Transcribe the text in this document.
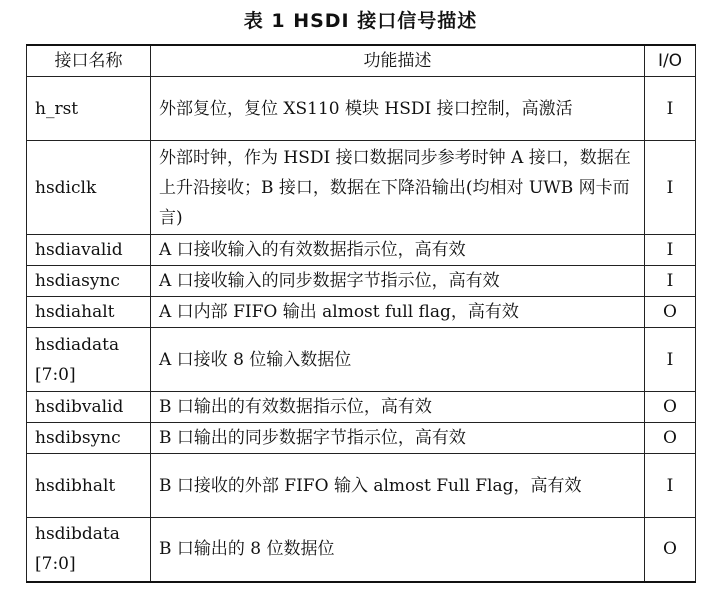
表 1 HSDI 接口信号描述
接口名称	功能描述	I/O
h_rst	外部复位，复位 XS110 模块 HSDI 接口控制，高激活	I
hsdiclk	外部时钟，作为 HSDI 接口数据同步参考时钟 A 接口，数据在上升沿接收；B 接口，数据在下降沿输出(均相对 UWB 网卡而言)	I
hsdiavalid	A 口接收输入的有效数据指示位，高有效	I
hsdiasync	A 口接收输入的同步数据字节指示位，高有效	I
hsdiahalt	A 口内部 FIFO 输出 almost full flag，高有效	O
hsdiadata [7:0]	A 口接收 8 位输入数据位	I
hsdibvalid	B 口输出的有效数据指示位，高有效	O
hsdibsync	B 口输出的同步数据字节指示位，高有效	O
hsdibhalt	B 口接收的外部 FIFO 输入 almost Full Flag，高有效	I
hsdibdata [7:0]	B 口输出的 8 位数据位	O
